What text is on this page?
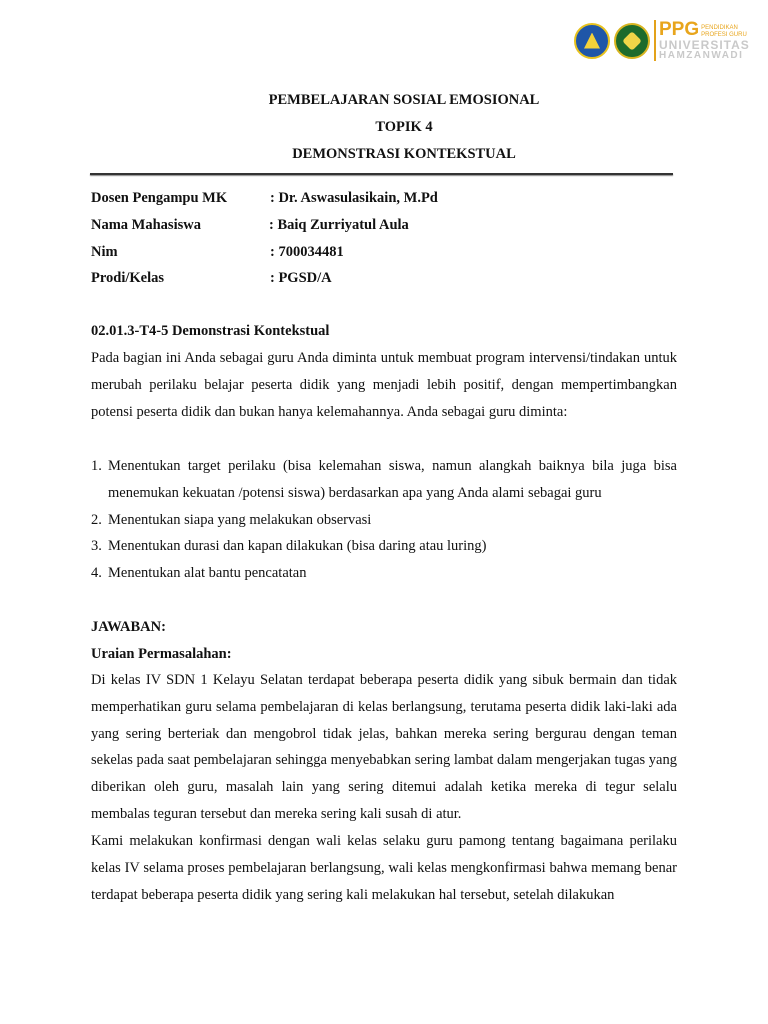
PPG PENDIDIKAN
PROFESI GURU
UNIVERSITAS
HAMZANWADI
PEMBELAJARAN SOSIAL EMOSIONAL
TOPIK 4
DEMONSTRASI KONTEKSTUAL
Dosen Pengampu MK	: Dr. Aswasulasikain, M.Pd
Nama Mahasiswa	: Baiq Zurriyatul Aula
Nim	: 700034481
Prodi/Kelas	: PGSD/A
02.01.3-T4-5 Demonstrasi Kontekstual
Pada bagian ini Anda sebagai guru Anda diminta untuk membuat program intervensi/tindakan untuk merubah perilaku belajar peserta didik yang menjadi lebih positif, dengan mempertimbangkan potensi peserta didik dan bukan hanya kelemahannya. Anda sebagai guru diminta:
1. Menentukan target perilaku (bisa kelemahan siswa, namun alangkah baiknya bila juga bisa menemukan kekuatan /potensi siswa) berdasarkan apa yang Anda alami sebagai guru
2. Menentukan siapa yang melakukan observasi
3. Menentukan durasi dan kapan dilakukan (bisa daring atau luring)
4. Menentukan alat bantu pencatatan
JAWABAN:
Uraian Permasalahan:
Di kelas IV SDN 1 Kelayu Selatan terdapat beberapa peserta didik yang sibuk bermain dan tidak memperhatikan guru selama pembelajaran di kelas berlangsung, terutama peserta didik laki-laki ada yang sering berteriak dan mengobrol tidak jelas, bahkan mereka sering bergurau dengan teman sekelas pada saat pembelajaran sehingga menyebabkan sering lambat dalam mengerjakan tugas yang diberikan oleh guru, masalah lain yang sering ditemui adalah ketika mereka di tegur selalu membalas teguran tersebut dan mereka sering kali susah di atur.
Kami melakukan konfirmasi dengan wali kelas selaku guru pamong tentang bagaimana perilaku kelas IV selama proses pembelajaran berlangsung, wali kelas mengkonfirmasi bahwa memang benar terdapat beberapa peserta didik yang sering kali melakukan hal tersebut, setelah dilakukan
